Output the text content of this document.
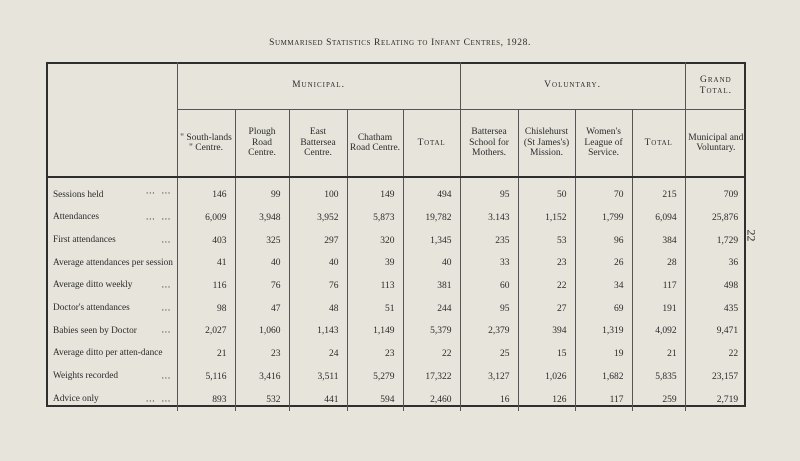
Summarised Statistics Relating to Infant Centres, 1928.
22
	Municipal.					Voluntary.				Grand Total.
	" South-lands " Centre.	Plough Road Centre.	East Battersea Centre.	Chatham Road Centre.	Total	Battersea School for Mothers.	Chislehurst (St James's) Mission.	Women's League of Service.	Total	Municipal and Voluntary.
Sessions held … …	146	99	100	149	494	95	50	70	215	709
Attendances … …	6,009	3,948	3,952	5,873	19,782	3.143	1,152	1,799	6,094	25,876
First attendances …	403	325	297	320	1,345	235	53	96	384	1,729
Average attendances per session	41	40	40	39	40	33	23	26	28	36
Average ditto weekly …	116	76	76	113	381	60	22	34	117	498
Doctor's attendances …	98	47	48	51	244	95	27	69	191	435
Babies seen by Doctor …	2,027	1,060	1,143	1,149	5,379	2,379	394	1,319	4,092	9,471
Average ditto per atten-dance	21	23	24	23	22	25	15	19	21	22
Weights recorded …	5,116	3,416	3,511	5,279	17,322	3,127	1,026	1,682	5,835	23,157
Advice only … …	893	532	441	594	2,460	16	126	117	259	2,719
